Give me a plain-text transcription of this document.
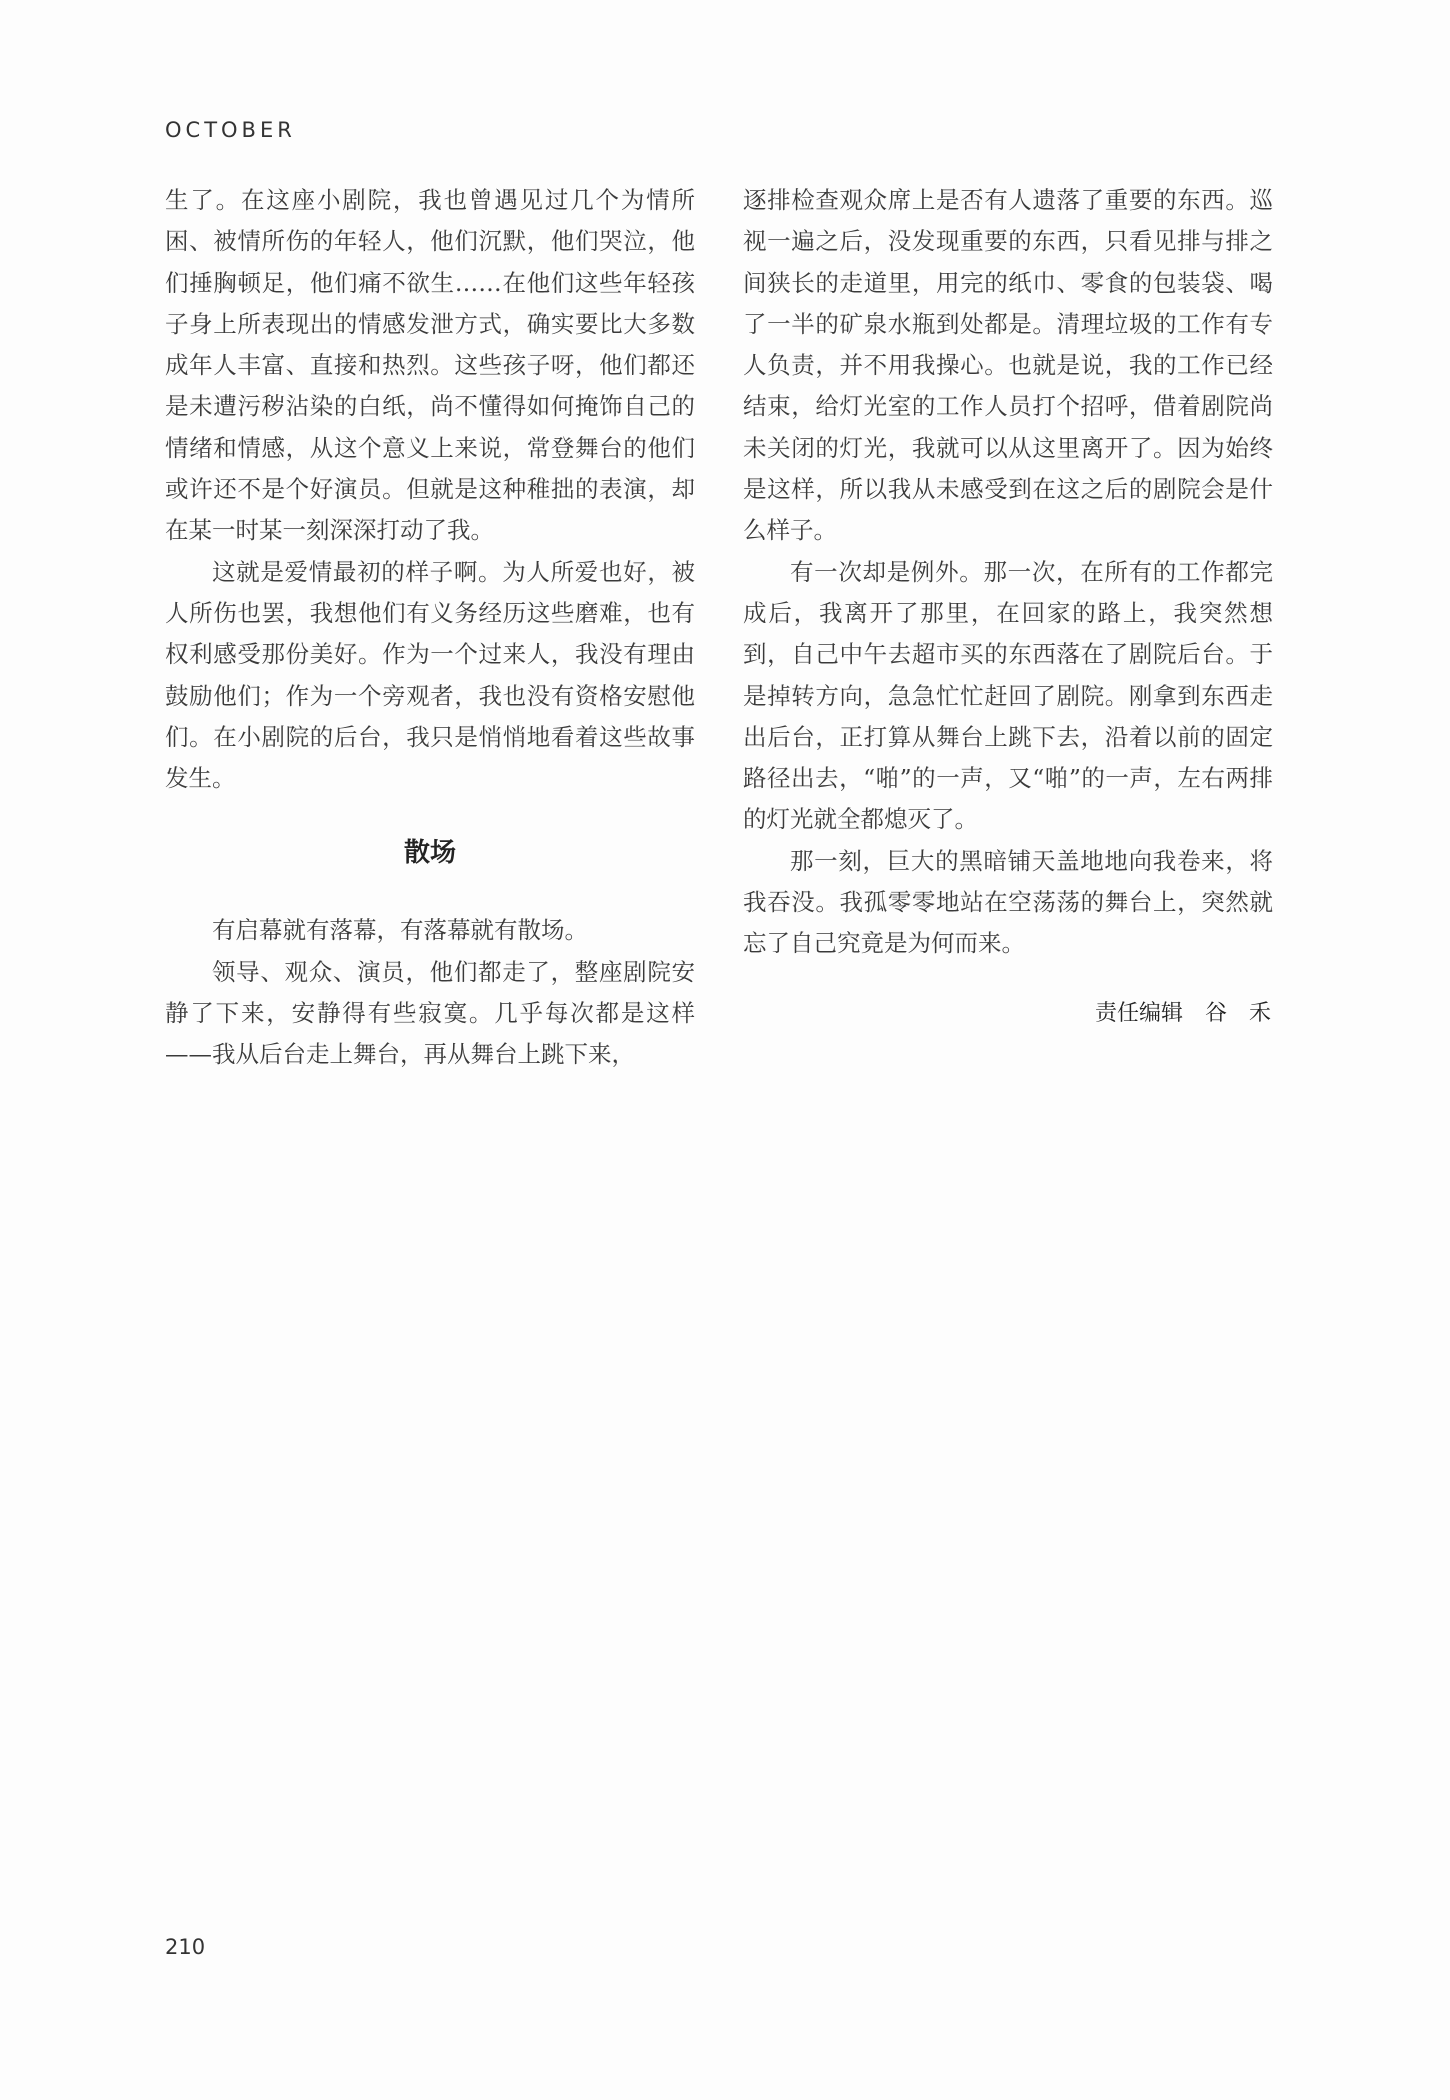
OCTOBER

生了。在这座小剧院，我也曾遇见过几个为情所困、被情所伤的年轻人，他们沉默，他们哭泣，他们捶胸顿足，他们痛不欲生……在他们这些年轻孩子身上所表现出的情感发泄方式，确实要比大多数成年人丰富、直接和热烈。这些孩子呀，他们都还是未遭污秽沾染的白纸，尚不懂得如何掩饰自己的情绪和情感，从这个意义上来说，常登舞台的他们或许还不是个好演员。但就是这种稚拙的表演，却在某一时某一刻深深打动了我。

这就是爱情最初的样子啊。为人所爱也好，被人所伤也罢，我想他们有义务经历这些磨难，也有权利感受那份美好。作为一个过来人，我没有理由鼓励他们；作为一个旁观者，我也没有资格安慰他们。在小剧院的后台，我只是悄悄地看着这些故事发生。

散场

有启幕就有落幕，有落幕就有散场。

领导、观众、演员，他们都走了，整座剧院安静了下来，安静得有些寂寞。几乎每次都是这样——我从后台走上舞台，再从舞台上跳下来，

逐排检查观众席上是否有人遗落了重要的东西。巡视一遍之后，没发现重要的东西，只看见排与排之间狭长的走道里，用完的纸巾、零食的包装袋、喝了一半的矿泉水瓶到处都是。清理垃圾的工作有专人负责，并不用我操心。也就是说，我的工作已经结束，给灯光室的工作人员打个招呼，借着剧院尚未关闭的灯光，我就可以从这里离开了。因为始终是这样，所以我从未感受到在这之后的剧院会是什么样子。

有一次却是例外。那一次，在所有的工作都完成后，我离开了那里，在回家的路上，我突然想到，自己中午去超市买的东西落在了剧院后台。于是掉转方向，急急忙忙赶回了剧院。刚拿到东西走出后台，正打算从舞台上跳下去，沿着以前的固定路径出去，“啪”的一声，又“啪”的一声，左右两排的灯光就全都熄灭了。

那一刻，巨大的黑暗铺天盖地地向我卷来，将我吞没。我孤零零地站在空荡荡的舞台上，突然就忘了自己究竟是为何而来。

责任编辑 谷禾
210
